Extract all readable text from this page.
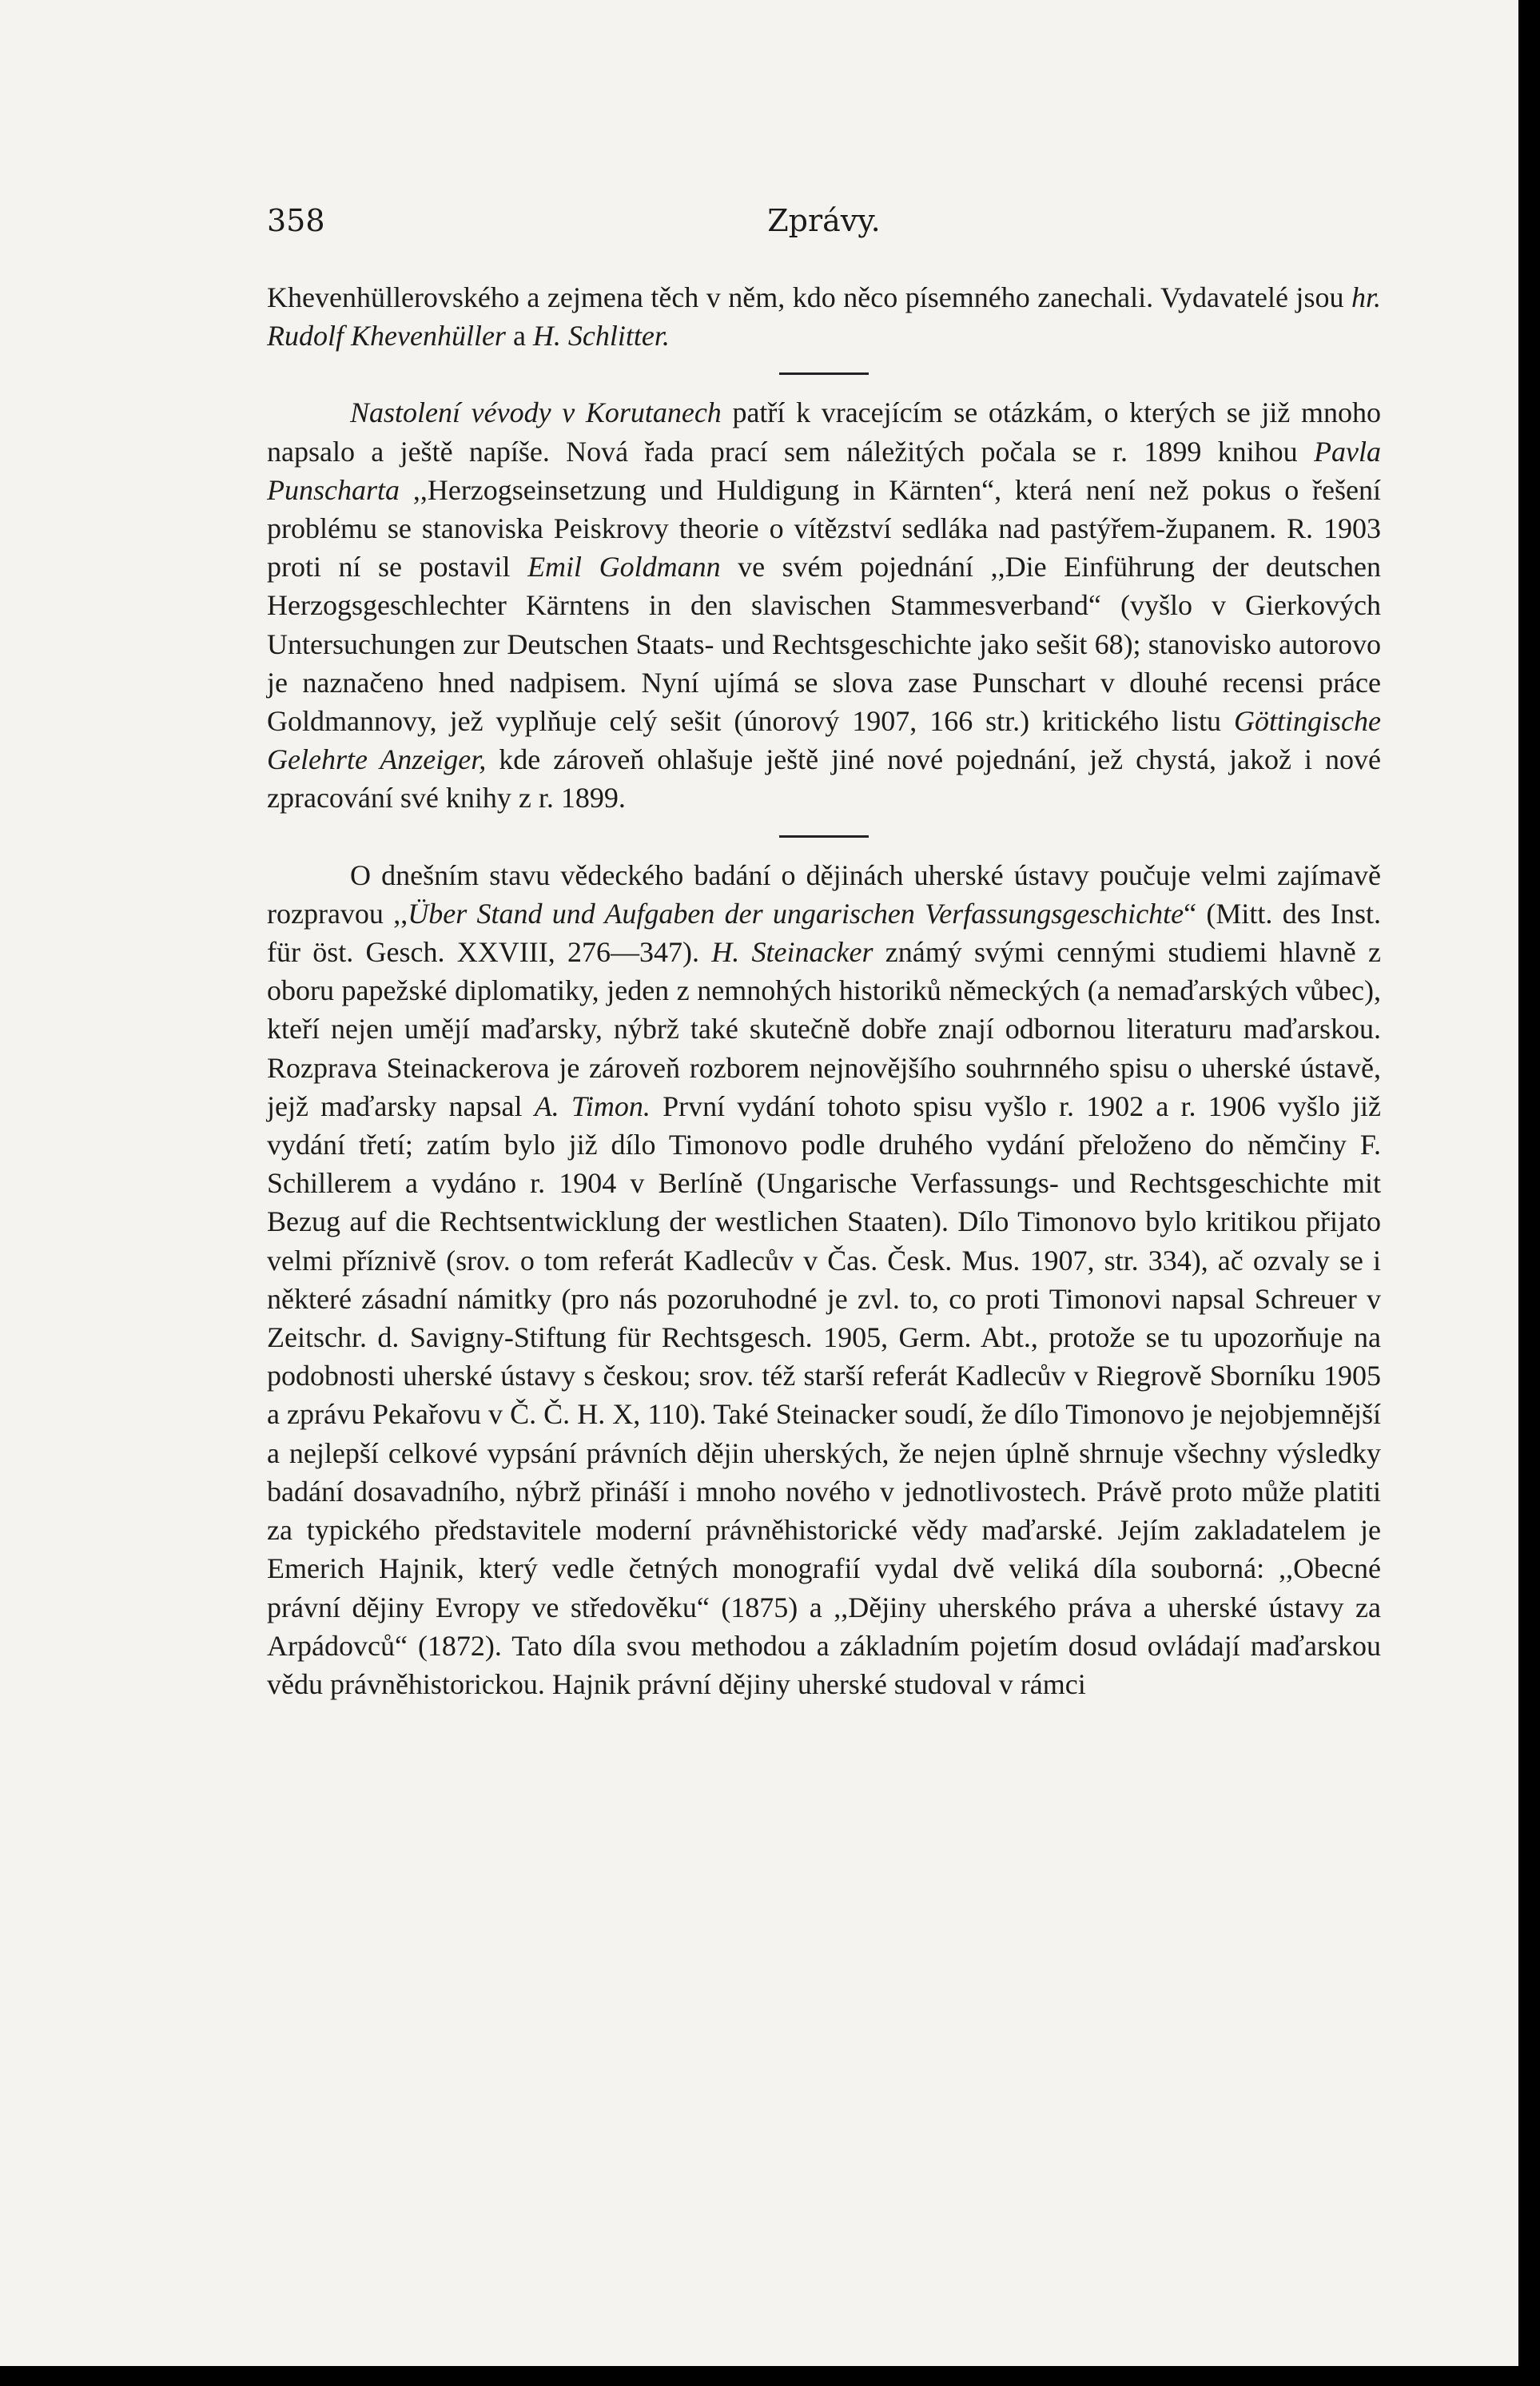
358	Zprávy.

Khevenhüllerovského a zejmena těch v něm, kdo něco písemného zanechali. Vydavatelé jsou hr. Rudolf Khevenhüller a H. Schlitter.

Nastolení vévody v Korutanech patří k vracejícím se otázkám, o kterých se již mnoho napsalo a ještě napíše. Nová řada prací sem náležitých počala se r. 1899 knihou Pavla Punscharta ,,Herzogseinsetzung und Huldigung in Kärnten“, která není než pokus o řešení problému se stanoviska Peiskrovy theorie o vítězství sedláka nad pastýřem-županem. R. 1903 proti ní se postavil Emil Goldmann ve svém pojednání ,,Die Einführung der deutschen Herzogsgeschlechter Kärntens in den slavischen Stammesverband“ (vyšlo v Gierkových Untersuchungen zur Deutschen Staats- und Rechtsgeschichte jako sešit 68); stanovisko autorovo je naznačeno hned nadpisem. Nyní ujímá se slova zase Punschart v dlouhé recensi práce Goldmannovy, jež vyplňuje celý sešit (únorový 1907, 166 str.) kritického listu Göttingische Gelehrte Anzeiger, kde zároveň ohlašuje ještě jiné nové pojednání, jež chystá, jakož i nové zpracování své knihy z r. 1899.

O dnešním stavu vědeckého badání o dějinách uherské ústavy poučuje velmi zajímavě rozpravou ,,Über Stand und Aufgaben der ungarischen Verfassungsgeschichte“ (Mitt. des Inst. für öst. Gesch. XXVIII, 276—347). H. Steinacker známý svými cennými studiemi hlavně z oboru papežské diplomatiky, jeden z nemnohých historiků německých (a nemaďarských vůbec), kteří nejen umějí maďarsky, nýbrž také skutečně dobře znají odbornou literaturu maďarskou. Rozprava Steinackerova je zároveň rozborem nejnovějšího souhrnného spisu o uherské ústavě, jejž maďarsky napsal A. Timon. První vydání tohoto spisu vyšlo r. 1902 a r. 1906 vyšlo již vydání třetí; zatím bylo již dílo Timonovo podle druhého vydání přeloženo do němčiny F. Schillerem a vydáno r. 1904 v Berlíně (Ungarische Verfassungs- und Rechtsgeschichte mit Bezug auf die Rechtsentwicklung der westlichen Staaten). Dílo Timonovo bylo kritikou přijato velmi příznivě (srov. o tom referát Kadlecův v Čas. Česk. Mus. 1907, str. 334), ač ozvaly se i některé zásadní námitky (pro nás pozoruhodné je zvl. to, co proti Timonovi napsal Schreuer v Zeitschr. d. Savigny-Stiftung für Rechtsgesch. 1905, Germ. Abt., protože se tu upozorňuje na podobnosti uherské ústavy s českou; srov. též starší referát Kadlecův v Riegrově Sborníku 1905 a zprávu Pekařovu v Č. Č. H. X, 110). Také Steinacker soudí, že dílo Timonovo je nejobjemnější a nejlepší celkové vypsání právních dějin uherských, že nejen úplně shrnuje všechny výsledky badání dosavadního, nýbrž přináší i mnoho nového v jednotlivostech. Právě proto může platiti za typického představitele moderní právněhistorické vědy maďarské. Jejím zakladatelem je Emerich Hajnik, který vedle četných monografií vydal dvě veliká díla souborná: ,,Obecné právní dějiny Evropy ve středověku“ (1875) a ,,Dějiny uherského práva a uherské ústavy za Arpádovců“ (1872). Tato díla svou methodou a základním pojetím dosud ovládají maďarskou vědu právněhistorickou. Hajnik právní dějiny uherské studoval v rámci
